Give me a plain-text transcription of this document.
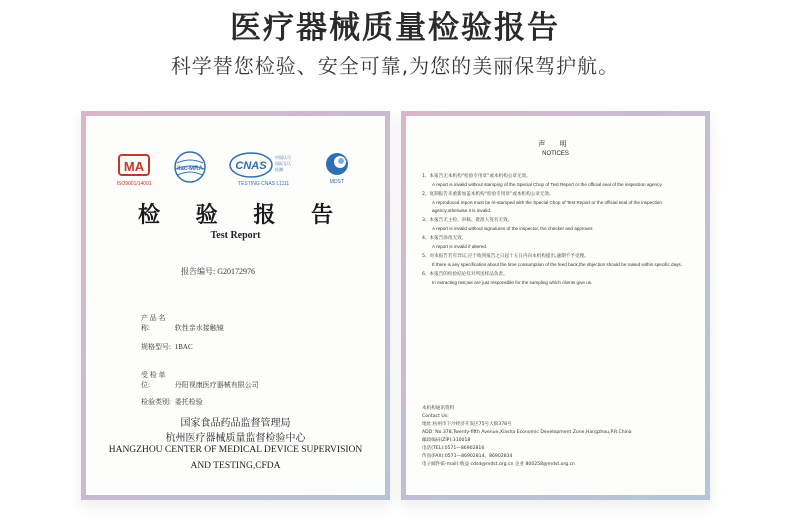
医疗器械质量检验报告
科学替您检验、安全可靠,为您的美丽保驾护航。
MA
ISO9001/14001
ilac-MRA	CNAS
中国认可
国际互认
检测
TESTING CNAS L1111	MDST
检 验 报 告
Test Report
报告编号: G20172976
产 品 名 称:	软性亲水接触镜
规格型号: 1BAC
受 检 单 位:	丹阳视康医疗器械有限公司
检验类别: 委托检验
国家食品药品监督管理局
杭州医疗器械质量监督检验中心
HANGZHOU CENTER OF MEDICAL DEVICE SUPERVISION
AND TESTING,CFDA
声 明
NOTICES
1、本报告无本机构“检验专用章”或本机构公章无效。
A report is invalid without stamping of the Special Chop of Test Report or the official seal of the inspection agency.
2、复制报告未重新加盖本机构“检验专用章”或本机构公章无效。
A reproduced report must be re-stamped with the Special Chop of Test Report or the official seal of the inspection agency,otherwise it is invalid.
3、本报告无主检、审核、批准人签名无效。
A report is invalid without signatures of the inspector, the checker and approver.
4、本报告涂改无效。
A report is invalid if altered.
5、对本报告若有异议,应于收到报告之日起十五日内向本机构提出,逾期不予受理。
If there is any specification about the time consumption of the feed back,the objection should be raised within specific days.
6、本报告的检验结论仅对所送样品负责。
In extracting test,we are just responsible for the sampling which clients give us.
本机构通讯资料
Contact Us:
地址:杭州市下沙经济开发区75号大街378号
ADD: No.378,Twenty-fifth Avenue,Xiasha Economic Development Zone,Hangzhou,P.R.China
邮政编码(ZIP):310018
电话(TEL):0571—86902816
传真(FAX):0571—86902814、86902834
电子邮件(E-mail):收益 cdsd@mdst.org.cn 企业 800258@mdst.org.cn
